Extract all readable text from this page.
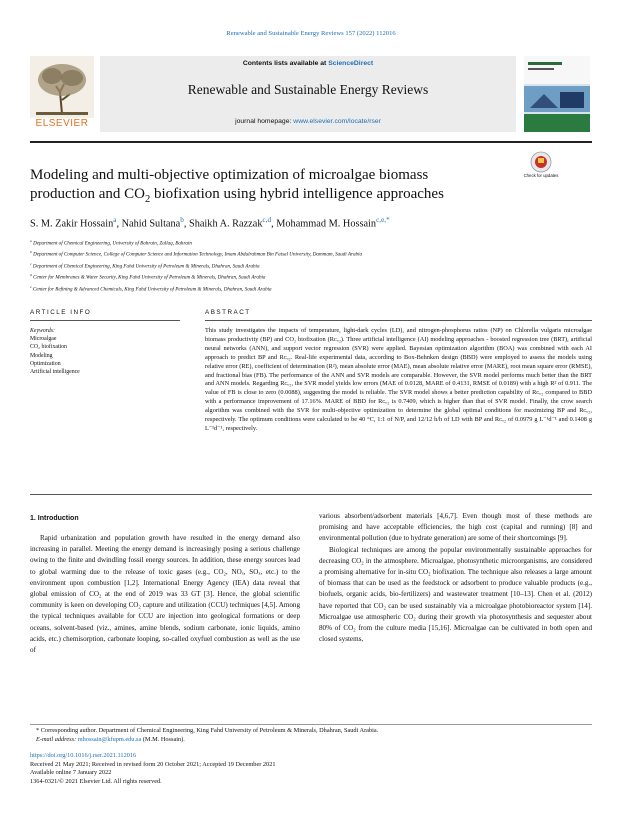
Renewable and Sustainable Energy Reviews 157 (2022) 112016
ELSEVIER
Contents lists available at ScienceDirect
Renewable and Sustainable Energy Reviews
journal homepage: www.elsevier.com/locate/rser
Modeling and multi-objective optimization of microalgae biomass
production and $CO_2$ biofixation using hybrid intelligence approaches
Check for updates
S. M. Zakir Hossain$^a$, Nahid Sultana$^b$, Shaikh A. Razzak$^{c,d}$, Mohammad M. Hossain$^{c,e,*}$
$^a$ Department of Chemical Engineering, University of Bahrain, Zallaq, Bahrain
$^b$ Department of Computer Science, College of Computer Science and Information Technology, Imam Abdulrahman Bin Faisal University, Dammam, Saudi Arabia
$^c$ Department of Chemical Engineering, King Fahd University of Petroleum & Minerals, Dhahran, Saudi Arabia
$^d$ Center for Membranes & Water Security, King Fahd University of Petroleum & Minerals, Dhahran, Saudi Arabia
$^e$ Center for Refining & Advanced Chemicals, King Fahd University of Petroleum & Minerals, Dhahran, Saudi Arabia
ARTICLE INFO	ABSTRACT
Keywords:
Microalgae
CO₂ biofixation
Modeling
Optimization
Artificial intelligence
This study investigates the impacts of temperature, light-dark cycles (LD), and nitrogen-phosphorus ratios (NP) on Chlorella vulgaris microalgae biomass productivity (BP) and CO₂ biofixation (Rᴄₒ₂). Three artificial intelligence (AI) modeling approaches - boosted regression tree (BRT), artificial neural networks (ANN), and support vector regression (SVR) were applied. Bayesian optimization algorithm (BOA) was combined with each AI approach to predict BP and Rᴄₒ₂. Real-life experimental data, according to Box-Behnken design (BBD) were employed to assess the models using relative error (RE), coefficient of determination (R²), mean absolute error (MAE), mean absolute relative error (MARE), root mean square error (RMSE), and fractional bias (FB). The performance of the ANN and SVR models are comparable. However, the SVR model performs much better than the BRT and ANN models. Regarding Rᴄₒ₂, the SVR model yields low errors (MAE of 0.0128, MARE of 0.4131, RMSE of 0.0189) with a high R² of 0.911. The value of FB is close to zero (0.0088), suggesting the model is reliable. The SVR model shows a better prediction capability of Rᴄₒ₂ compared to BBD with a performance improvement of 17.16%. MARE of BBD for Rᴄₒ₂ is 0.7409, which is higher than that of SVR model. Finally, the crow search algorithm was combined with the SVR for multi-objective optimization to determine the global optimal conditions for maximizing BP and Rᴄₒ₂, respectively. The optimum conditions were calculated to be 40 °C, 1:1 of N/P, and 12/12 h/h of LD with BP and Rᴄₒ₂ of 0.0979 g L⁻¹d⁻¹ and 0.1408 g L⁻¹d⁻¹, respectively.
1. Introduction

Rapid urbanization and population growth have resulted in the energy demand also increasing in parallel. Meeting the energy demand is increasingly posing a serious challenge owing to the finite and dwindling fossil energy sources. In addition, these energy sources lead to global warming due to the release of toxic gases (e.g., CO₂, NOₓ, SOₓ, etc.) to the environment upon combustion [1,2]. International Energy Agency (IEA) data reveal that global emission of CO₂ at the end of 2019 was 33 GT [3]. Hence, the global scientific community is keen on developing CO₂ capture and utilization (CCU) techniques [4,5]. Among the typical techniques available for CCU are injection into geological formations or deep oceans, solvent-based (viz., amines, amine blends, sodium carbonate, ionic liquids, amino acids, etc.) chemisorption, carbonate looping, so-called oxyfuel combustion as well as the use of

various absorbent/adsorbent materials [4,6,7]. Even though most of these methods are promising and have acceptable efficiencies, the high cost (capital and running) [8] and environmental pollution (due to hydrate generation) are some of their shortcomings [9].

Biological techniques are among the popular environmentally sustainable approaches for decreasing CO₂ in the atmosphere. Microalgae, photosynthetic microorganisms, are considered a promising alternative for in-situ CO₂ biofixation. The technique also releases a large amount of biomass that can be used as the feedstock or adsorbent to produce valuable products (e.g., biofuels, organic acids, bio-fertilizers) and wastewater treatment [10–13]. Chen et al. (2012) have reported that CO₂ can be used sustainably via a microalgae photobioreactor system [14]. Microalgae use atmospheric CO₂ during their growth via photosynthesis and sequester about 80% of CO₂ from the culture media [15,16]. Microalgae can be cultivated in both open and closed systems,

* Corresponding author. Department of Chemical Engineering, King Fahd University of Petroleum & Minerals, Dhahran, Saudi Arabia.
E-mail address: mhossain@kfupm.edu.sa (M.M. Hossain).
https://doi.org/10.1016/j.rser.2021.112016
Received 21 May 2021; Received in revised form 20 October 2021; Accepted 19 December 2021
Available online 7 January 2022
1364-0321/© 2021 Elsevier Ltd. All rights reserved.
